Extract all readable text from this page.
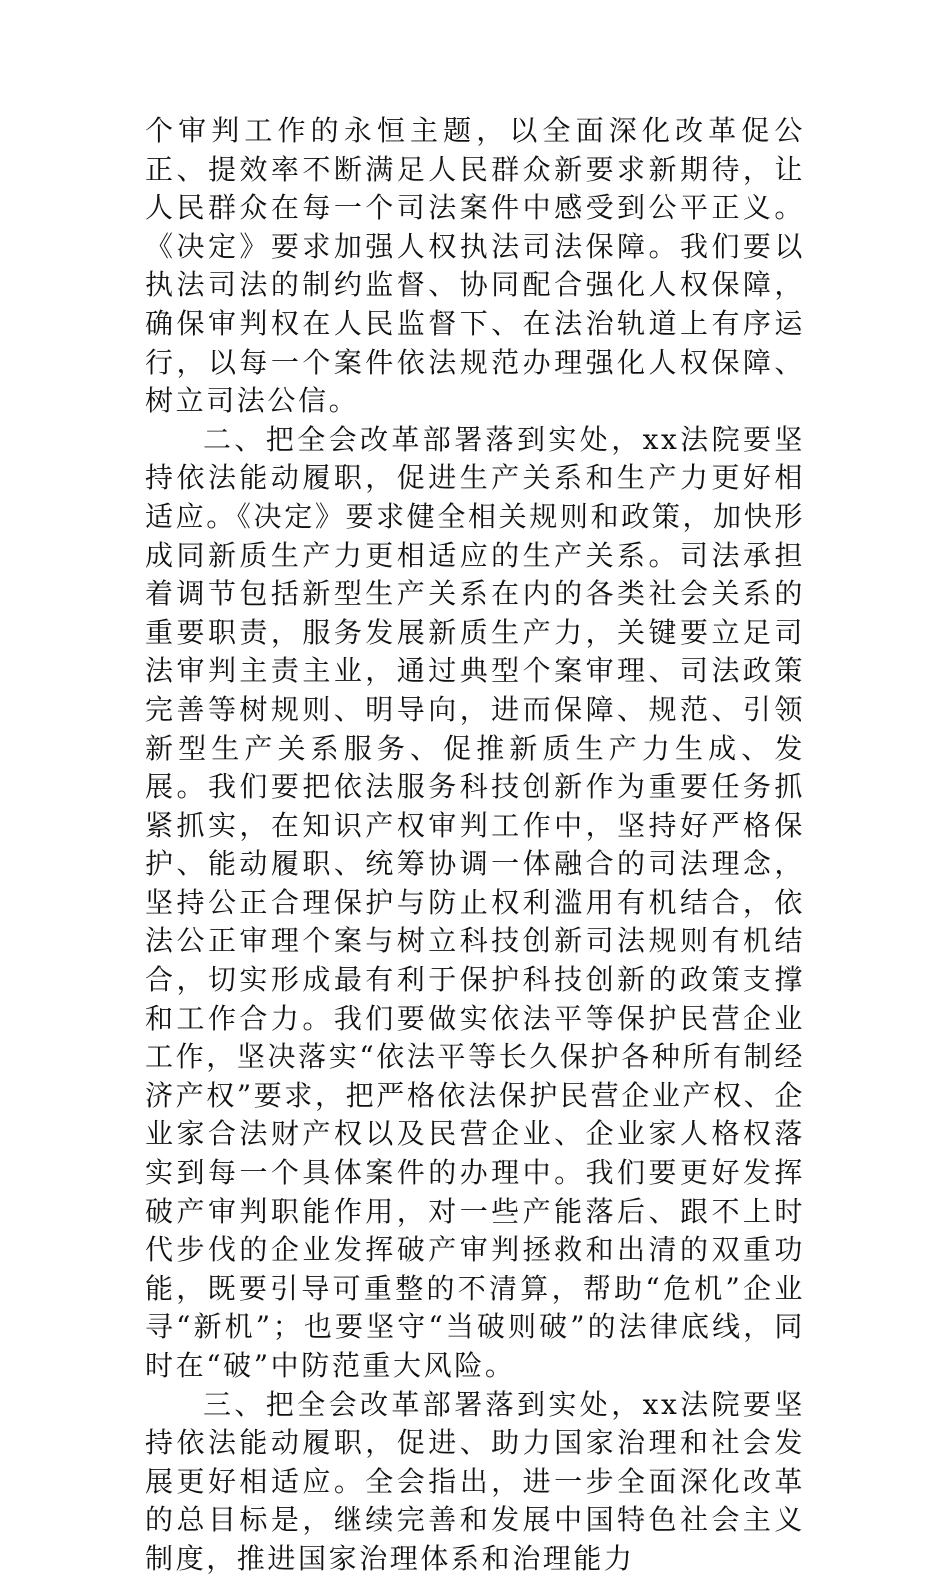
个审判工作的永恒主题，以全面深化改革促公正、提效率不断满足人民群众新要求新期待，让人民群众在每一个司法案件中感受到公平正义。《决定》要求加强人权执法司法保障。我们要以执法司法的制约监督、协同配合强化人权保障，确保审判权在人民监督下、在法治轨道上有序运行，以每一个案件依法规范办理强化人权保障、树立司法公信。

二、把全会改革部署落到实处，xx法院要坚持依法能动履职，促进生产关系和生产力更好相适应。《决定》要求健全相关规则和政策，加快形成同新质生产力更相适应的生产关系。司法承担着调节包括新型生产关系在内的各类社会关系的重要职责，服务发展新质生产力，关键要立足司法审判主责主业，通过典型个案审理、司法政策完善等树规则、明导向，进而保障、规范、引领新型生产关系服务、促推新质生产力生成、发展。我们要把依法服务科技创新作为重要任务抓紧抓实，在知识产权审判工作中，坚持好严格保护、能动履职、统筹协调一体融合的司法理念，坚持公正合理保护与防止权利滥用有机结合，依法公正审理个案与树立科技创新司法规则有机结合，切实形成最有利于保护科技创新的政策支撑和工作合力。我们要做实依法平等保护民营企业工作，坚决落实“依法平等长久保护各种所有制经济产权”要求，把严格依法保护民营企业产权、企业家合法财产权以及民营企业、企业家人格权落实到每一个具体案件的办理中。我们要更好发挥破产审判职能作用，对一些产能落后、跟不上时代步伐的企业发挥破产审判拯救和出清的双重功能，既要引导可重整的不清算，帮助“危机”企业寻“新机”；也要坚守“当破则破”的法律底线，同时在“破”中防范重大风险。

三、把全会改革部署落到实处，xx法院要坚持依法能动履职，促进、助力国家治理和社会发展更好相适应。全会指出，进一步全面深化改革的总目标是，继续完善和发展中国特色社会主义制度，推进国家治理体系和治理能力
